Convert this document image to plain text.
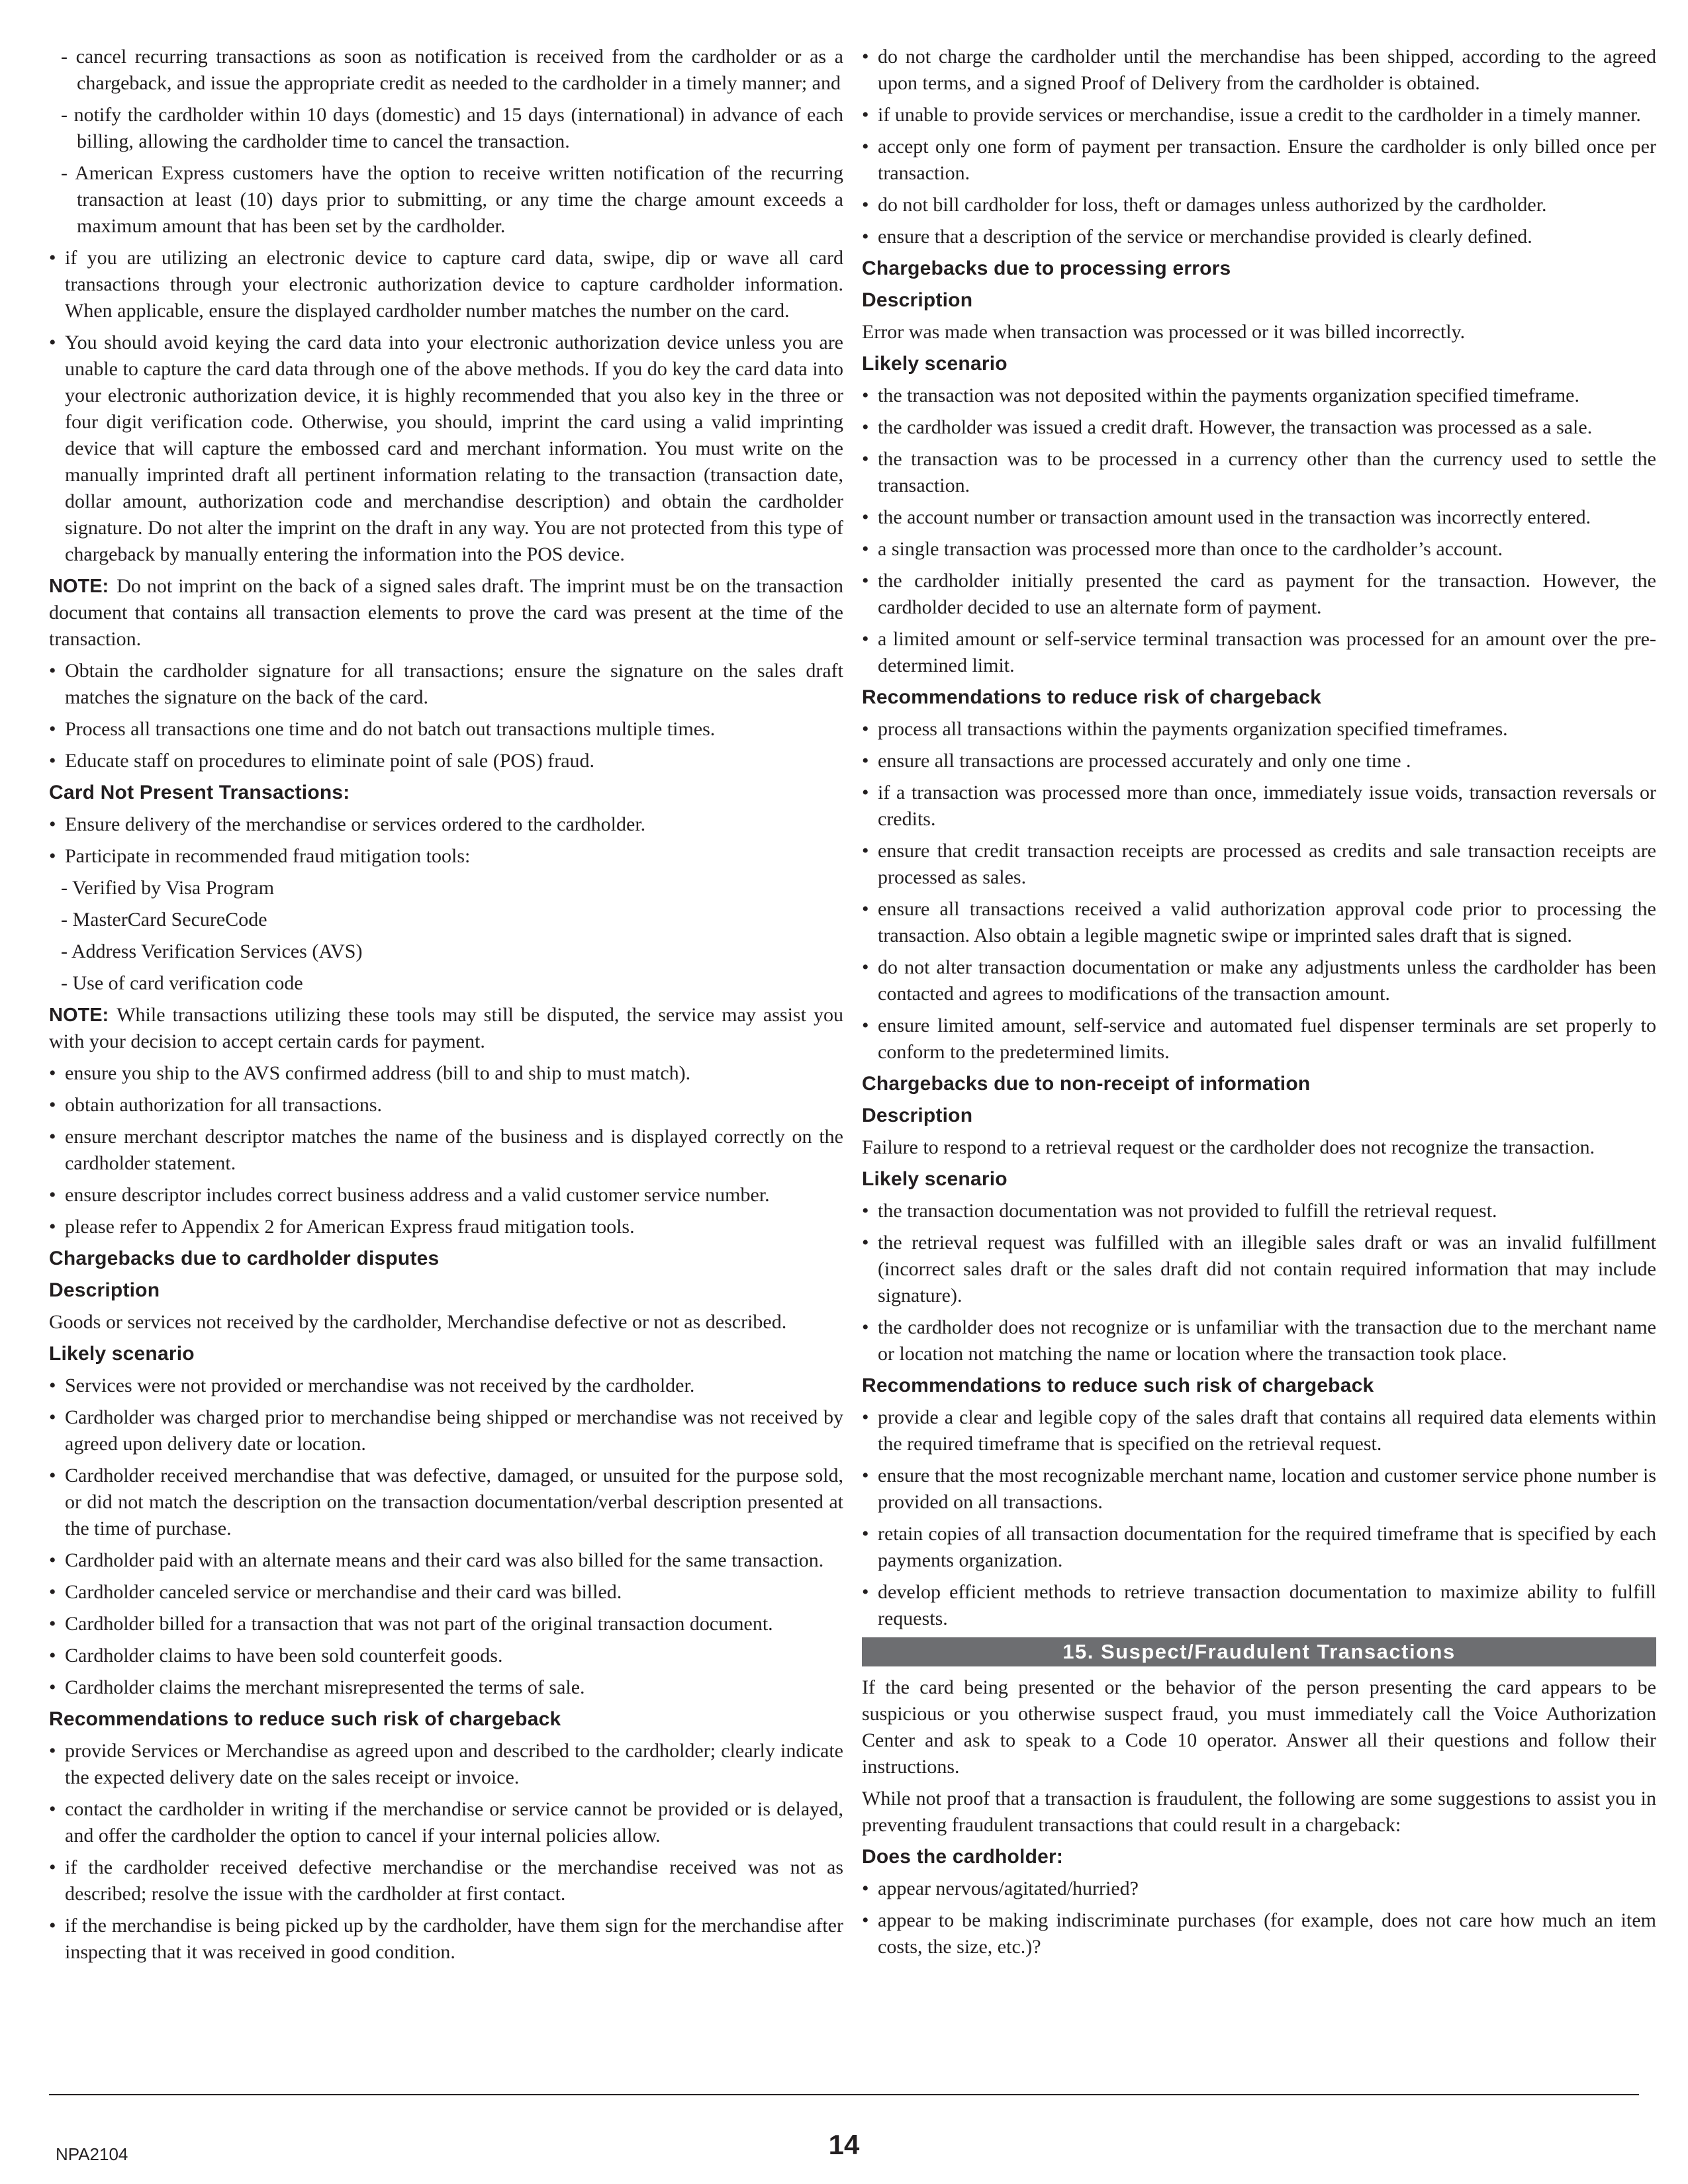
- cancel recurring transactions as soon as notification is received from the cardholder or as a chargeback, and issue the appropriate credit as needed to the cardholder in a timely manner; and
- notify the cardholder within 10 days (domestic) and 15 days (international) in advance of each billing, allowing the cardholder time to cancel the transaction.
- American Express customers have the option to receive written notification of the recurring transaction at least (10) days prior to submitting, or any time the charge amount exceeds a maximum amount that has been set by the cardholder.
• if you are utilizing an electronic device to capture card data, swipe, dip or wave all card transactions through your electronic authorization device to capture cardholder information. When applicable, ensure the displayed cardholder number matches the number on the card.
• You should avoid keying the card data into your electronic authorization device unless you are unable to capture the card data through one of the above methods. If you do key the card data into your electronic authorization device, it is highly recommended that you also key in the three or four digit verification code. Otherwise, you should, imprint the card using a valid imprinting device that will capture the embossed card and merchant information. You must write on the manually imprinted draft all pertinent information relating to the transaction (transaction date, dollar amount, authorization code and merchandise description) and obtain the cardholder signature. Do not alter the imprint on the draft in any way. You are not protected from this type of chargeback by manually entering the information into the POS device.
NOTE: Do not imprint on the back of a signed sales draft. The imprint must be on the transaction document that contains all transaction elements to prove the card was present at the time of the transaction.
• Obtain the cardholder signature for all transactions; ensure the signature on the sales draft matches the signature on the back of the card.
• Process all transactions one time and do not batch out transactions multiple times.
• Educate staff on procedures to eliminate point of sale (POS) fraud.
Card Not Present Transactions:
• Ensure delivery of the merchandise or services ordered to the cardholder.
• Participate in recommended fraud mitigation tools:
- Verified by Visa Program
- MasterCard SecureCode
- Address Verification Services (AVS)
- Use of card verification code
NOTE: While transactions utilizing these tools may still be disputed, the service may assist you with your decision to accept certain cards for payment.
• ensure you ship to the AVS confirmed address (bill to and ship to must match).
• obtain authorization for all transactions.
• ensure merchant descriptor matches the name of the business and is displayed correctly on the cardholder statement.
• ensure descriptor includes correct business address and a valid customer service number.
• please refer to Appendix 2 for American Express fraud mitigation tools.
Chargebacks due to cardholder disputes
Description
Goods or services not received by the cardholder, Merchandise defective or not as described.
Likely scenario
• Services were not provided or merchandise was not received by the cardholder.
• Cardholder was charged prior to merchandise being shipped or merchandise was not received by agreed upon delivery date or location.
• Cardholder received merchandise that was defective, damaged, or unsuited for the purpose sold, or did not match the description on the transaction documentation/verbal description presented at the time of purchase.
• Cardholder paid with an alternate means and their card was also billed for the same transaction.
• Cardholder canceled service or merchandise and their card was billed.
• Cardholder billed for a transaction that was not part of the original transaction document.
• Cardholder claims to have been sold counterfeit goods.
• Cardholder claims the merchant misrepresented the terms of sale.
Recommendations to reduce such risk of chargeback
• provide Services or Merchandise as agreed upon and described to the cardholder; clearly indicate the expected delivery date on the sales receipt or invoice.
• contact the cardholder in writing if the merchandise or service cannot be provided or is delayed, and offer the cardholder the option to cancel if your internal policies allow.
• if the cardholder received defective merchandise or the merchandise received was not as described; resolve the issue with the cardholder at first contact.
• if the merchandise is being picked up by the cardholder, have them sign for the merchandise after inspecting that it was received in good condition.
• do not charge the cardholder until the merchandise has been shipped, according to the agreed upon terms, and a signed Proof of Delivery from the cardholder is obtained.
• if unable to provide services or merchandise, issue a credit to the cardholder in a timely manner.
• accept only one form of payment per transaction. Ensure the cardholder is only billed once per transaction.
• do not bill cardholder for loss, theft or damages unless authorized by the cardholder.
• ensure that a description of the service or merchandise provided is clearly defined.
Chargebacks due to processing errors
Description
Error was made when transaction was processed or it was billed incorrectly.
Likely scenario
• the transaction was not deposited within the payments organization specified timeframe.
• the cardholder was issued a credit draft. However, the transaction was processed as a sale.
• the transaction was to be processed in a currency other than the currency used to settle the transaction.
• the account number or transaction amount used in the transaction was incorrectly entered.
• a single transaction was processed more than once to the cardholder’s account.
• the cardholder initially presented the card as payment for the transaction. However, the cardholder decided to use an alternate form of payment.
• a limited amount or self-service terminal transaction was processed for an amount over the pre-determined limit.
Recommendations to reduce risk of chargeback
• process all transactions within the payments organization specified timeframes.
• ensure all transactions are processed accurately and only one time .
• if a transaction was processed more than once, immediately issue voids, transaction reversals or credits.
• ensure that credit transaction receipts are processed as credits and sale transaction receipts are processed as sales.
• ensure all transactions received a valid authorization approval code prior to processing the transaction. Also obtain a legible magnetic swipe or imprinted sales draft that is signed.
• do not alter transaction documentation or make any adjustments unless the cardholder has been contacted and agrees to modifications of the transaction amount.
• ensure limited amount, self-service and automated fuel dispenser terminals are set properly to conform to the predetermined limits.
Chargebacks due to non-receipt of information
Description
Failure to respond to a retrieval request or the cardholder does not recognize the transaction.
Likely scenario
• the transaction documentation was not provided to fulfill the retrieval request.
• the retrieval request was fulfilled with an illegible sales draft or was an invalid fulfillment (incorrect sales draft or the sales draft did not contain required information that may include signature).
• the cardholder does not recognize or is unfamiliar with the transaction due to the merchant name or location not matching the name or location where the transaction took place.
Recommendations to reduce such risk of chargeback
• provide a clear and legible copy of the sales draft that contains all required data elements within the required timeframe that is specified on the retrieval request.
• ensure that the most recognizable merchant name, location and customer service phone number is provided on all transactions.
• retain copies of all transaction documentation for the required timeframe that is specified by each payments organization.
• develop efficient methods to retrieve transaction documentation to maximize ability to fulfill requests.
15. Suspect/Fraudulent Transactions
If the card being presented or the behavior of the person presenting the card appears to be suspicious or you otherwise suspect fraud, you must immediately call the Voice Authorization Center and ask to speak to a Code 10 operator. Answer all their questions and follow their instructions.
While not proof that a transaction is fraudulent, the following are some suggestions to assist you in preventing fraudulent transactions that could result in a chargeback:
Does the cardholder:
• appear nervous/agitated/hurried?
• appear to be making indiscriminate purchases (for example, does not care how much an item costs, the size, etc.)?
NPA2104	14
